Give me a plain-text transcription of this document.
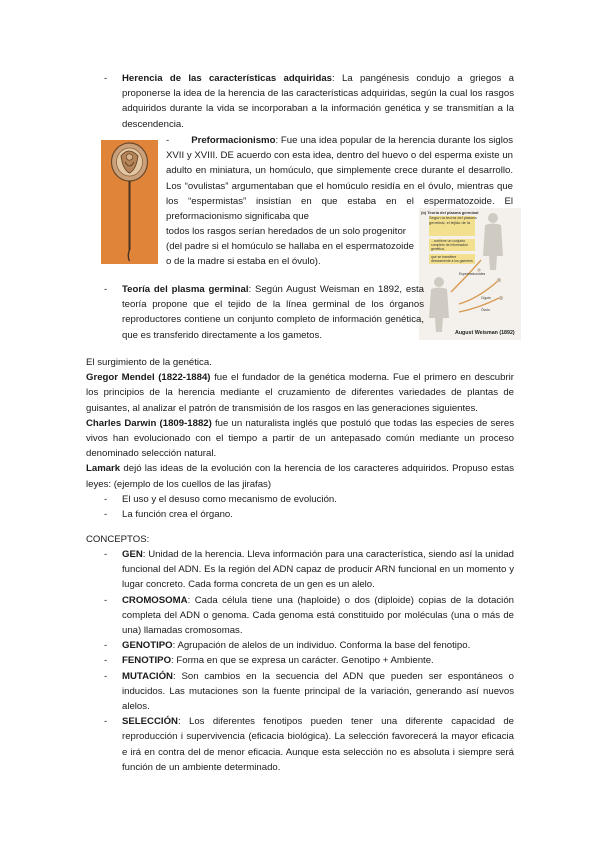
-	Herencia de las características adquiridas: La pangénesis condujo a griegos a proponerse la idea de la herencia de las características adquiridas, según la cual los rasgos adquiridos durante la vida se incorporaban a la información genética y se transmitían a la descendencia.
- Preformacionismo: Fue una idea popular de la herencia durante los siglos XVII y XVIII. DE acuerdo con esta idea, dentro del huevo o del esperma existe un adulto en miniatura, un homúculo, que simplemente crece durante el desarrollo. Los “ovulistas” argumentaban que el homúculo residía en el óvulo, mientras que los “espermistas” insistían en que estaba en el espermatozoide. El preformacionismo significaba que
todos los rasgos serían heredados de un solo progenitor (del padre si el homúculo se hallaba en el espermatozoide o de la madre si estaba en el óvulo).
(b) Teoría del plasma germinal
Según la teoría del plasma
germinal, el tejido de la
...contiene un conjunto completo de información genética,
que se transfiere directamente a los gametos.
Espermatozoides
Cigoto
Óvulo
August Weisman (1892)
-	Teoría del plasma germinal: Según August Weisman en 1892, esta teoría propone que el tejido de la línea germinal de los órganos reproductores contiene un conjunto completo de información genética, que es transferido directamente a los gametos.
El surgimiento de la genética.
Gregor Mendel (1822-1884) fue el fundador de la genética moderna. Fue el primero en descubrir los principios de la herencia mediante el cruzamiento de diferentes variedades de plantas de guisantes, al analizar el patrón de transmisión de los rasgos en las generaciones siguientes.
Charles Darwin (1809-1882) fue un naturalista inglés que postuló que todas las especies de seres vivos han evolucionado con el tiempo a partir de un antepasado común mediante un proceso denominado selección natural.
Lamark dejó las ideas de la evolución con la herencia de los caracteres adquiridos. Propuso estas leyes: (ejemplo de los cuellos de las jirafas)
-	El uso y el desuso como mecanismo de evolución.
-	La función crea el órgano.
CONCEPTOS:
-	GEN: Unidad de la herencia. Lleva información para una característica, siendo así la unidad funcional del ADN. Es la región del ADN capaz de producir ARN funcional en un momento y lugar concreto. Cada forma concreta de un gen es un alelo.
-	CROMOSOMA: Cada célula tiene una (haploide) o dos (diploide) copias de la dotación completa del ADN o genoma. Cada genoma está constituido por moléculas (una o más de una) llamadas cromosomas.
-	GENOTIPO: Agrupación de alelos de un individuo. Conforma la base del fenotipo.
-	FENOTIPO: Forma en que se expresa un carácter. Genotipo + Ambiente.
-	MUTACIÓN: Son cambios en la secuencia del ADN que pueden ser espontáneos o inducidos. Las mutaciones son la fuente principal de la variación, generando así nuevos alelos.
-	SELECCIÓN: Los diferentes fenotipos pueden tener una diferente capacidad de reproducción i supervivencia (eficacia biológica). La selección favorecerá la mayor eficacia e irá en contra del de menor eficacia. Aunque esta selección no es absoluta i siempre será función de un ambiente determinado.
